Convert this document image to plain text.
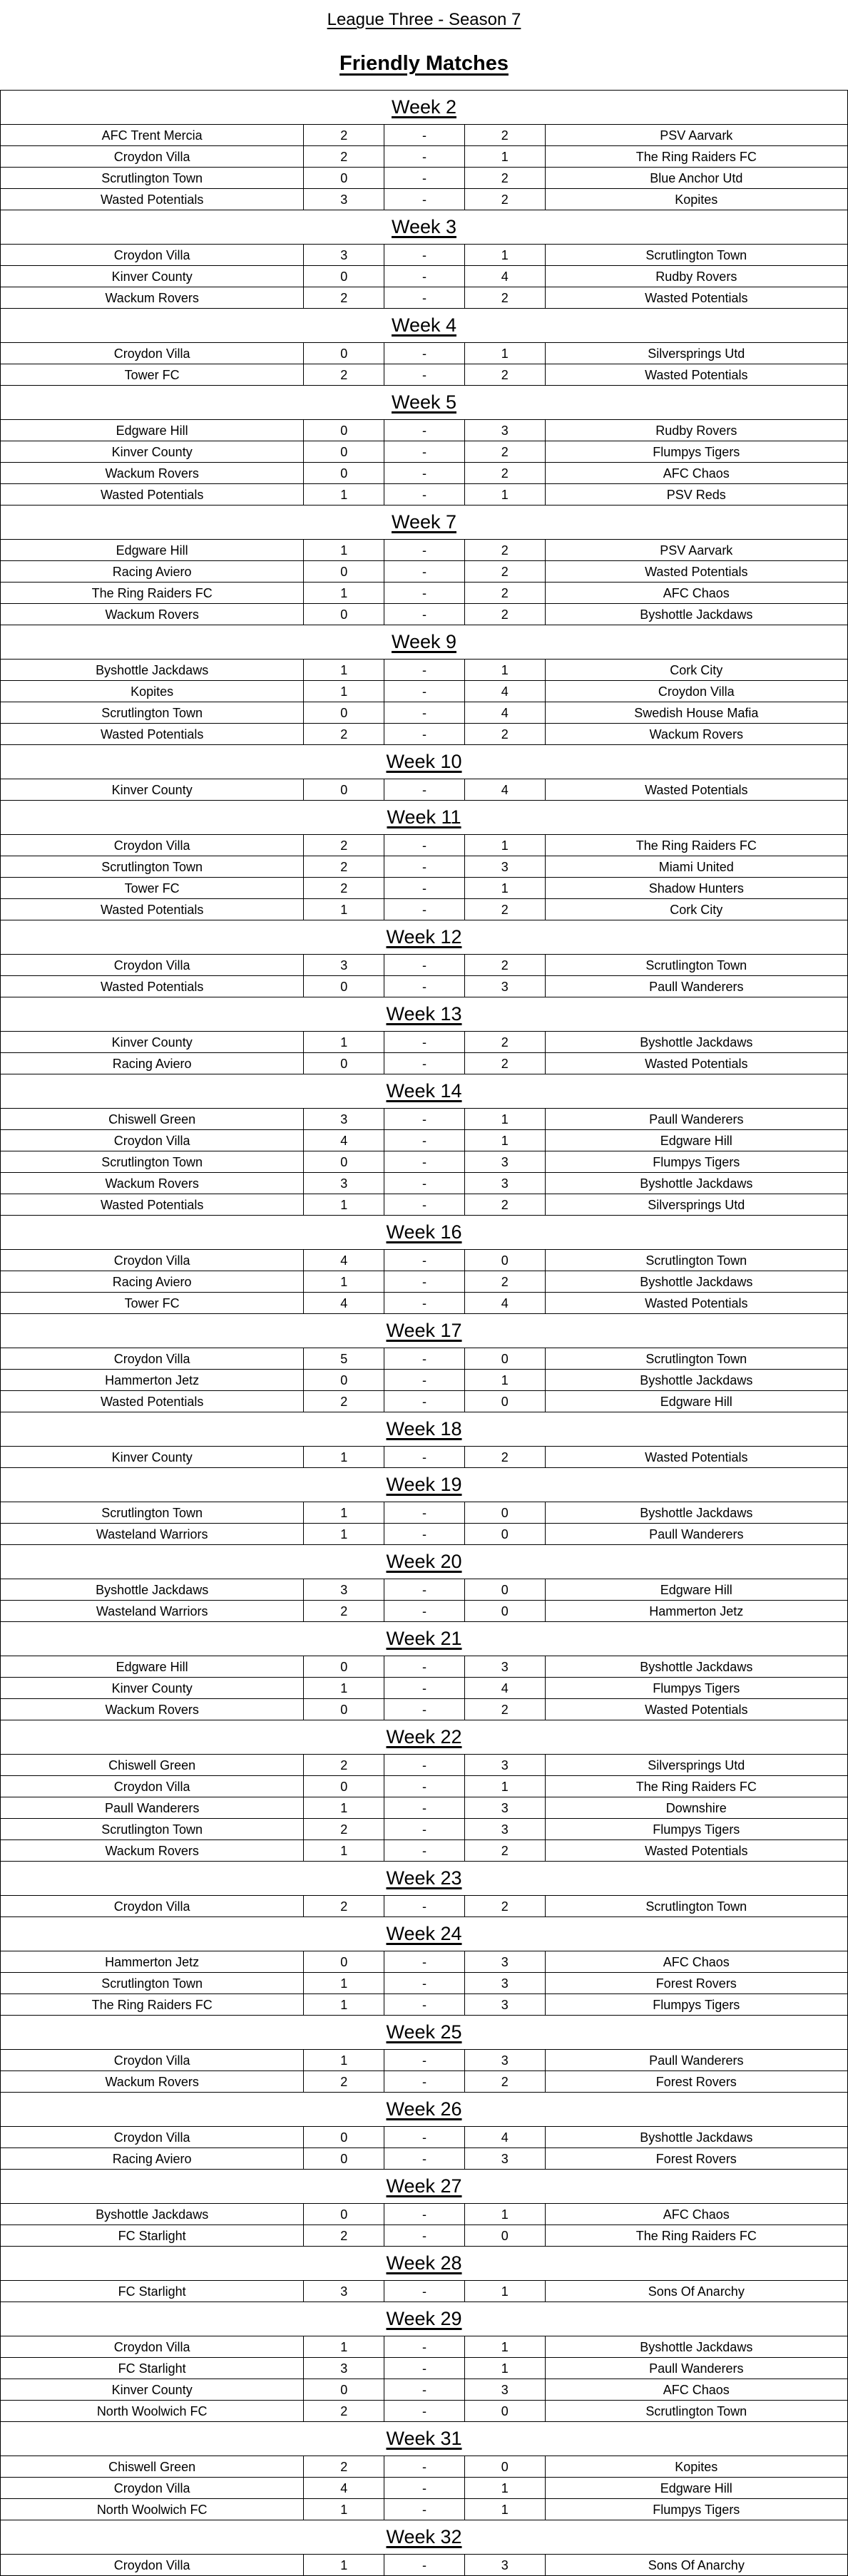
League Three - Season 7
Friendly Matches
Week 2
AFC Trent Mercia	2	-	2	PSV Aarvark
Croydon Villa	2	-	1	The Ring Raiders FC
Scrutlington Town	0	-	2	Blue Anchor Utd
Wasted Potentials	3	-	2	Kopites
Week 3
Croydon Villa	3	-	1	Scrutlington Town
Kinver County	0	-	4	Rudby Rovers
Wackum Rovers	2	-	2	Wasted Potentials
Week 4
Croydon Villa	0	-	1	Silversprings Utd
Tower FC	2	-	2	Wasted Potentials
Week 5
Edgware Hill	0	-	3	Rudby Rovers
Kinver County	0	-	2	Flumpys Tigers
Wackum Rovers	0	-	2	AFC Chaos
Wasted Potentials	1	-	1	PSV Reds
Week 7
Edgware Hill	1	-	2	PSV Aarvark
Racing Aviero	0	-	2	Wasted Potentials
The Ring Raiders FC	1	-	2	AFC Chaos
Wackum Rovers	0	-	2	Byshottle Jackdaws
Week 9
Byshottle Jackdaws	1	-	1	Cork City
Kopites	1	-	4	Croydon Villa
Scrutlington Town	0	-	4	Swedish House Mafia
Wasted Potentials	2	-	2	Wackum Rovers
Week 10
Kinver County	0	-	4	Wasted Potentials
Week 11
Croydon Villa	2	-	1	The Ring Raiders FC
Scrutlington Town	2	-	3	Miami United
Tower FC	2	-	1	Shadow Hunters
Wasted Potentials	1	-	2	Cork City
Week 12
Croydon Villa	3	-	2	Scrutlington Town
Wasted Potentials	0	-	3	Paull Wanderers
Week 13
Kinver County	1	-	2	Byshottle Jackdaws
Racing Aviero	0	-	2	Wasted Potentials
Week 14
Chiswell Green	3	-	1	Paull Wanderers
Croydon Villa	4	-	1	Edgware Hill
Scrutlington Town	0	-	3	Flumpys Tigers
Wackum Rovers	3	-	3	Byshottle Jackdaws
Wasted Potentials	1	-	2	Silversprings Utd
Week 16
Croydon Villa	4	-	0	Scrutlington Town
Racing Aviero	1	-	2	Byshottle Jackdaws
Tower FC	4	-	4	Wasted Potentials
Week 17
Croydon Villa	5	-	0	Scrutlington Town
Hammerton Jetz	0	-	1	Byshottle Jackdaws
Wasted Potentials	2	-	0	Edgware Hill
Week 18
Kinver County	1	-	2	Wasted Potentials
Week 19
Scrutlington Town	1	-	0	Byshottle Jackdaws
Wasteland Warriors	1	-	0	Paull Wanderers
Week 20
Byshottle Jackdaws	3	-	0	Edgware Hill
Wasteland Warriors	2	-	0	Hammerton Jetz
Week 21
Edgware Hill	0	-	3	Byshottle Jackdaws
Kinver County	1	-	4	Flumpys Tigers
Wackum Rovers	0	-	2	Wasted Potentials
Week 22
Chiswell Green	2	-	3	Silversprings Utd
Croydon Villa	0	-	1	The Ring Raiders FC
Paull Wanderers	1	-	3	Downshire
Scrutlington Town	2	-	3	Flumpys Tigers
Wackum Rovers	1	-	2	Wasted Potentials
Week 23
Croydon Villa	2	-	2	Scrutlington Town
Week 24
Hammerton Jetz	0	-	3	AFC Chaos
Scrutlington Town	1	-	3	Forest Rovers
The Ring Raiders FC	1	-	3	Flumpys Tigers
Week 25
Croydon Villa	1	-	3	Paull Wanderers
Wackum Rovers	2	-	2	Forest Rovers
Week 26
Croydon Villa	0	-	4	Byshottle Jackdaws
Racing Aviero	0	-	3	Forest Rovers
Week 27
Byshottle Jackdaws	0	-	1	AFC Chaos
FC Starlight	2	-	0	The Ring Raiders FC
Week 28
FC Starlight	3	-	1	Sons Of Anarchy
Week 29
Croydon Villa	1	-	1	Byshottle Jackdaws
FC Starlight	3	-	1	Paull Wanderers
Kinver County	0	-	3	AFC Chaos
North Woolwich FC	2	-	0	Scrutlington Town
Week 31
Chiswell Green	2	-	0	Kopites
Croydon Villa	4	-	1	Edgware Hill
North Woolwich FC	1	-	1	Flumpys Tigers
Week 32
Croydon Villa	1	-	3	Sons Of Anarchy
